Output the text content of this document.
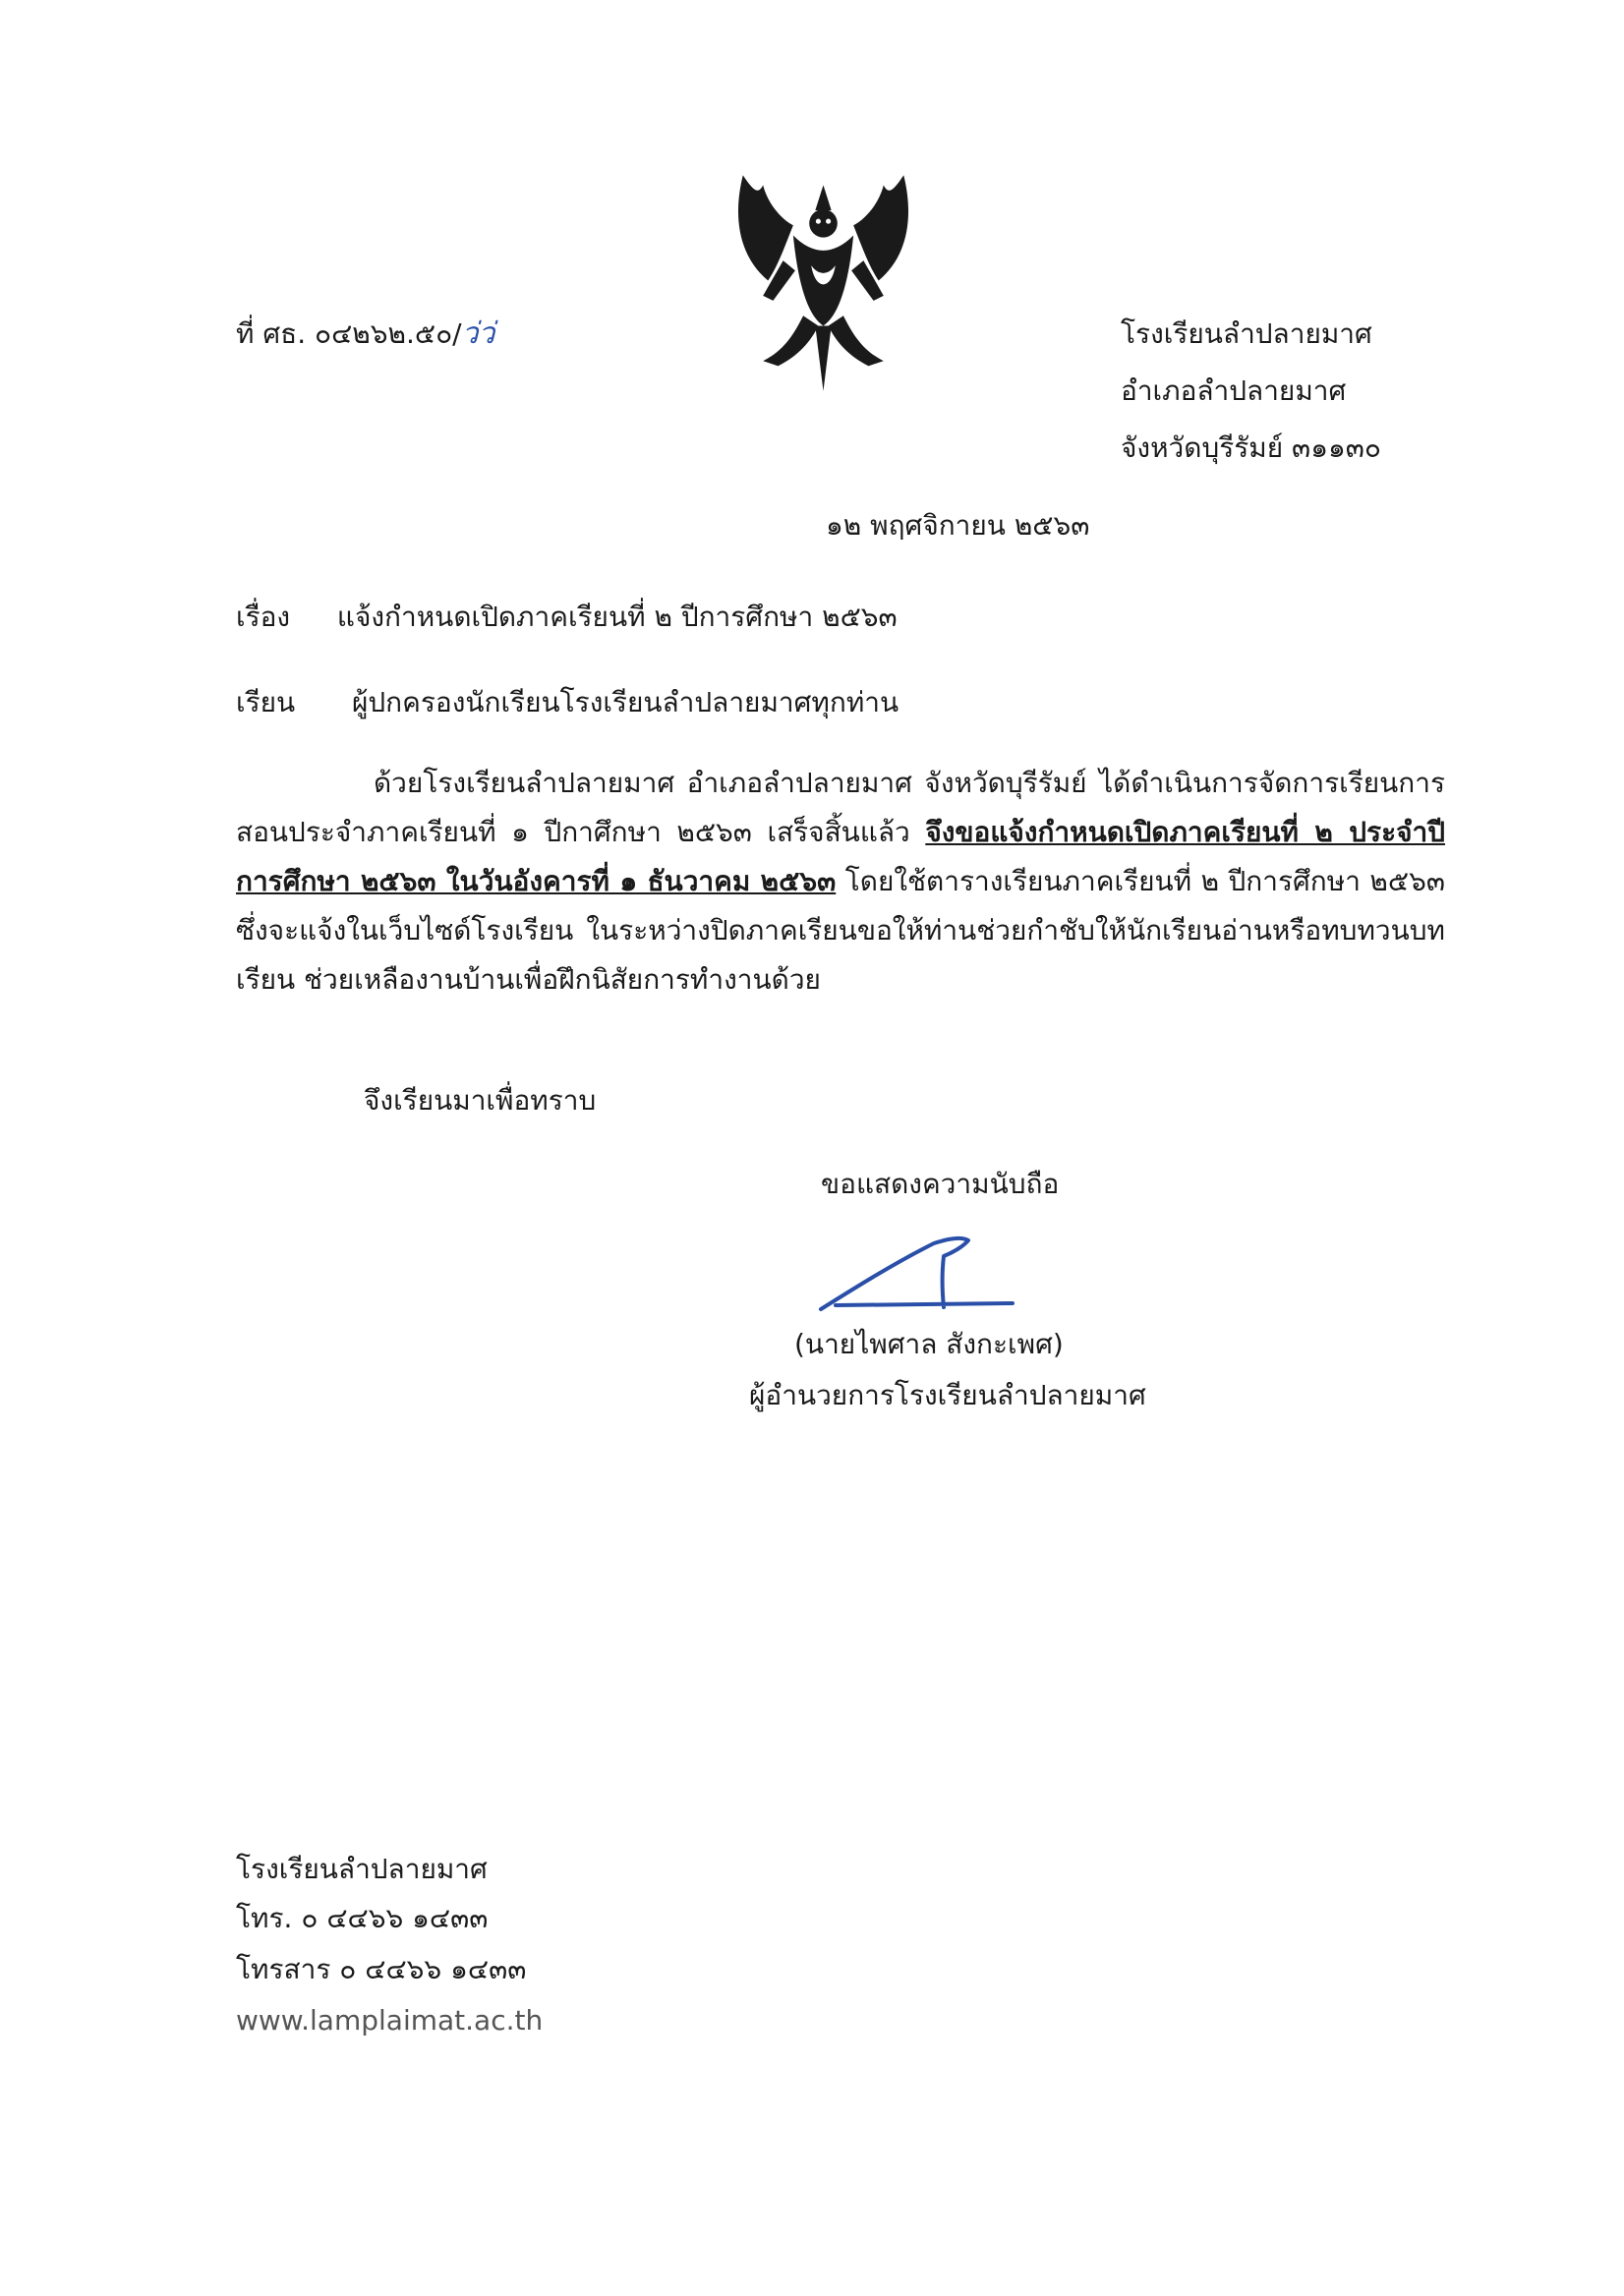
ที่ ศธ. ๐๔๒๖๒.๕๐/ว่ว่	โรงเรียนลำปลายมาศ
อำเภอลำปลายมาศ
จังหวัดบุรีรัมย์ ๓๑๑๓๐
๑๒ พฤศจิกายน ๒๕๖๓
เรื่อง แจ้งกำหนดเปิดภาคเรียนที่ ๒ ปีการศึกษา ๒๕๖๓
เรียน ผู้ปกครองนักเรียนโรงเรียนลำปลายมาศทุกท่าน
ด้วยโรงเรียนลำปลายมาศ อำเภอลำปลายมาศ จังหวัดบุรีรัมย์ ได้ดำเนินการจัดการเรียนการสอนประจำภาคเรียนที่ ๑ ปีกาศึกษา ๒๕๖๓ เสร็จสิ้นแล้ว จึงขอแจ้งกำหนดเปิดภาคเรียนที่ ๒ ประจำปีการศึกษา ๒๕๖๓ ในวันอังคารที่ ๑ ธันวาคม ๒๕๖๓ โดยใช้ตารางเรียนภาคเรียนที่ ๒ ปีการศึกษา ๒๕๖๓ ซึ่งจะแจ้งในเว็บไซด์โรงเรียน ในระหว่างปิดภาคเรียนขอให้ท่านช่วยกำชับให้นักเรียนอ่านหรือทบทวนบทเรียน ช่วยเหลืองานบ้านเพื่อฝึกนิสัยการทำงานด้วย
จึงเรียนมาเพื่อทราบ
ขอแสดงความนับถือ
(นายไพศาล สังกะเพศ)
ผู้อำนวยการโรงเรียนลำปลายมาศ
โรงเรียนลำปลายมาศ
โทร. ๐ ๔๔๖๖ ๑๔๓๓
โทรสาร ๐ ๔๔๖๖ ๑๔๓๓
www.lamplaimat.ac.th
